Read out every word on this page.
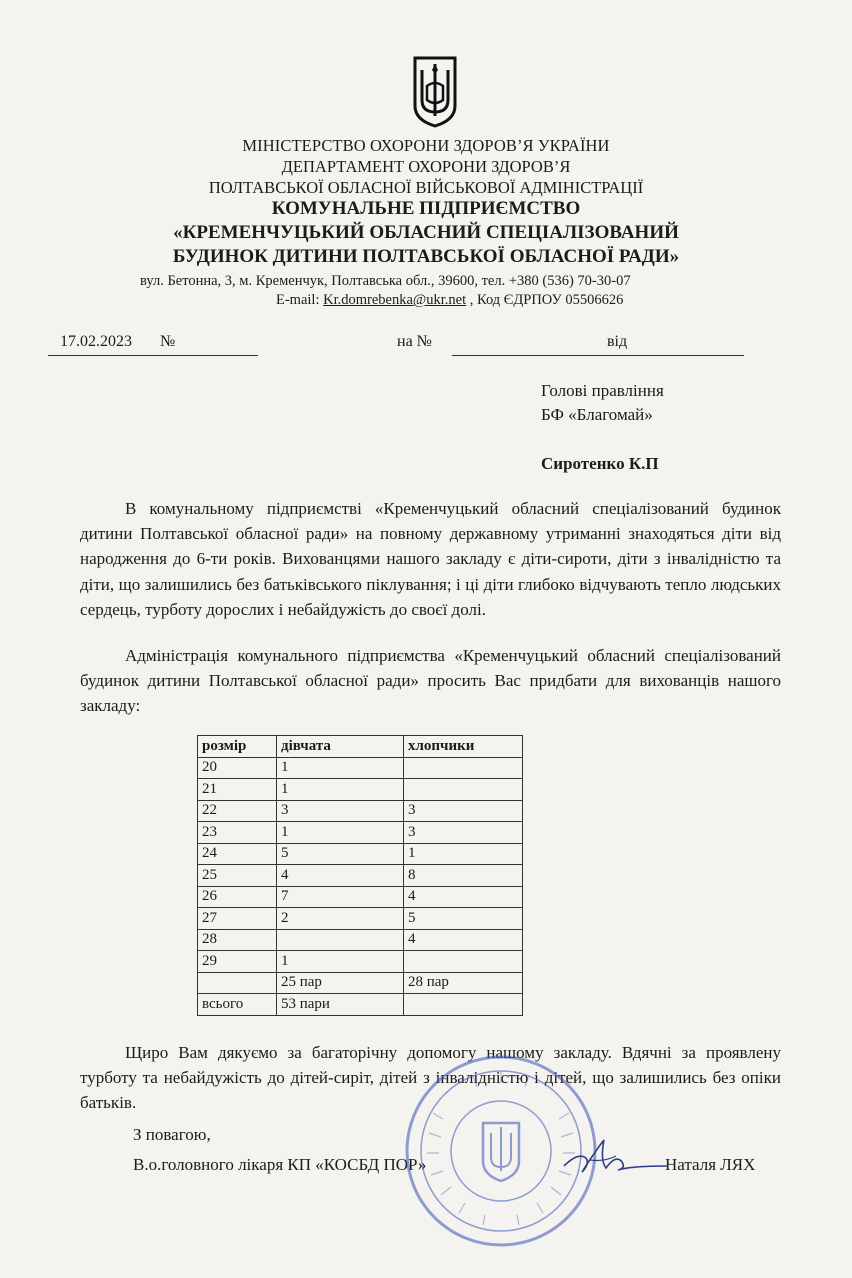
МІНІСТЕРСТВО ОХОРОНИ ЗДОРОВ’Я УКРАЇНИ
ДЕПАРТАМЕНТ ОХОРОНИ ЗДОРОВ’Я
ПОЛТАВСЬКОЇ ОБЛАСНОЇ ВІЙСЬКОВОЇ АДМІНІСТРАЦІЇ
КОМУНАЛЬНЕ ПІДПРИЄМСТВО
«КРЕМЕНЧУЦЬКИЙ ОБЛАСНИЙ СПЕЦІАЛІЗОВАНИЙ
БУДИНОК ДИТИНИ ПОЛТАВСЬКОЇ ОБЛАСНОЇ РАДИ»
вул. Бетонна, 3, м. Кременчук, Полтавська обл., 39600, тел. +380 (536) 70-30-07
E-mail: Kr.domrebenka@ukr.net , Код ЄДРПОУ 05506626
17.02.2023 №	на №	від
Голові правління
БФ «Благомай»
Сиротенко К.П
В комунальному підприємстві «Кременчуцький обласний спеціалізований будинок дитини Полтавської обласної ради» на повному державному утриманні знаходяться діти від народження до 6-ти років. Вихованцями нашого закладу є діти-сироти, діти з інвалідністю та діти, що залишились без батьківського піклування; і ці діти глибоко відчувають тепло людських сердець, турботу дорослих і небайдужість до своєї долі.
Адміністрація комунального підприємства «Кременчуцький обласний спеціалізований будинок дитини Полтавської обласної ради» просить Вас придбати для вихованців нашого закладу:
розмір	дівчата	хлопчики
20	1	
21	1	
22	3	3
23	1	3
24	5	1
25	4	8
26	7	4
27	2	5
28		4
29	1	
	25 пар	28 пар
всього	53 пари	
Щиро Вам дякуємо за багаторічну допомогу нашому закладу. Вдячні за проявлену турботу та небайдужість до дітей-сиріт, дітей з інвалідністю і дітей, що залишились без опіки батьків.
З повагою,
В.о.головного лікаря КП «КОСБД ПОР»	Наталя ЛЯХ
